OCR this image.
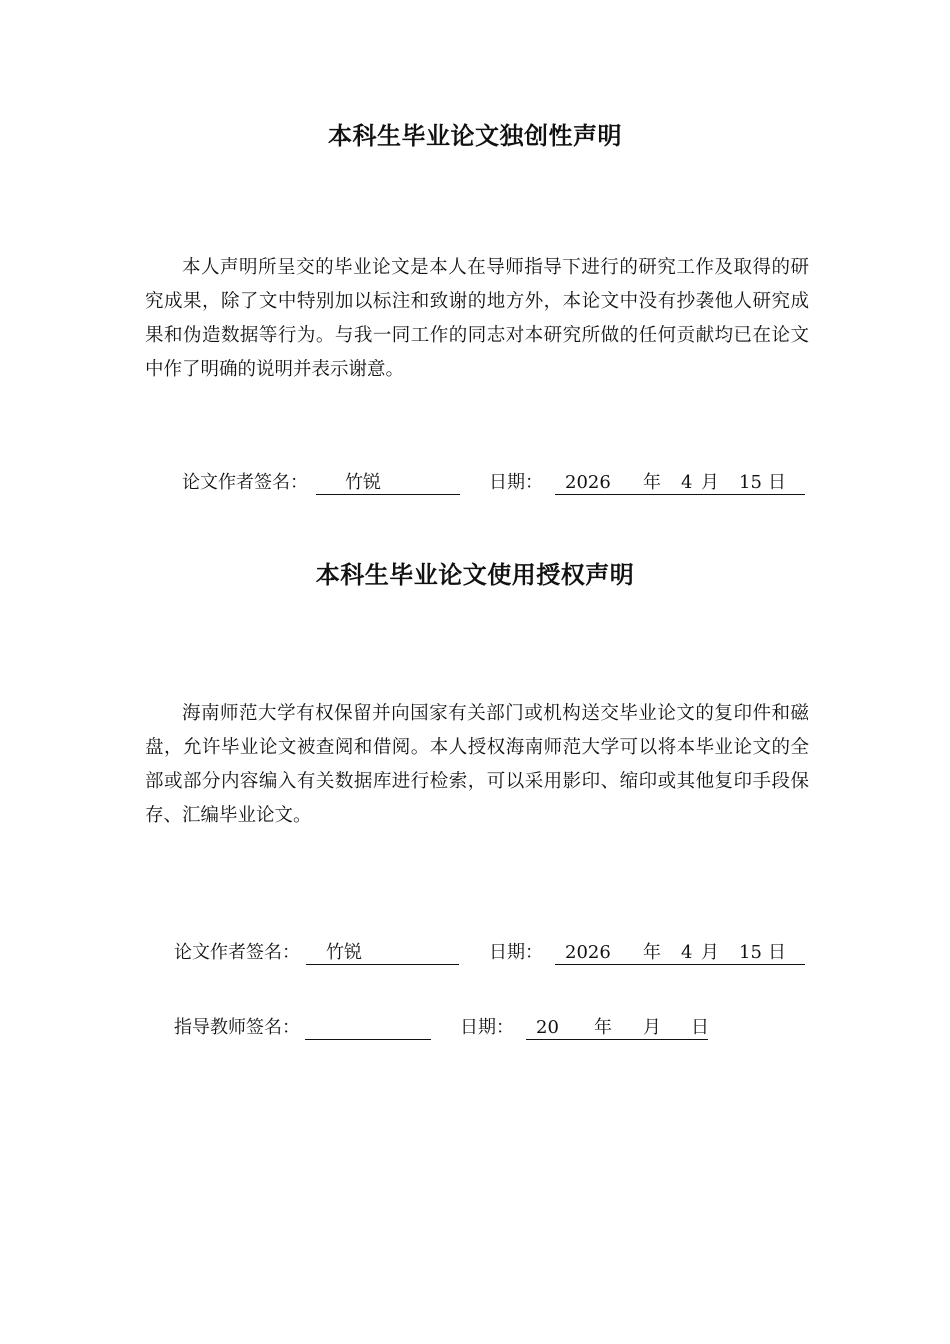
本科生毕业论文独创性声明

本人声明所呈交的毕业论文是本人在导师指导下进行的研究工作及取得的研究成果，除了文中特别加以标注和致谢的地方外，本论文中没有抄袭他人研究成果和伪造数据等行为。与我一同工作的同志对本研究所做的任何贡献均已在论文中作了明确的说明并表示谢意。

论文作者签名： 竹锐	日期： 2026 年 4 月 15 日
本科生毕业论文使用授权声明

海南师范大学有权保留并向国家有关部门或机构送交毕业论文的复印件和磁盘，允许毕业论文被查阅和借阅。本人授权海南师范大学可以将本毕业论文的全部或部分内容编入有关数据库进行检索，可以采用影印、缩印或其他复印手段保存、汇编毕业论文。

论文作者签名： 竹锐	日期： 2026 年 4 月 15 日
指导教师签名：	日期： 20 年 月 日
